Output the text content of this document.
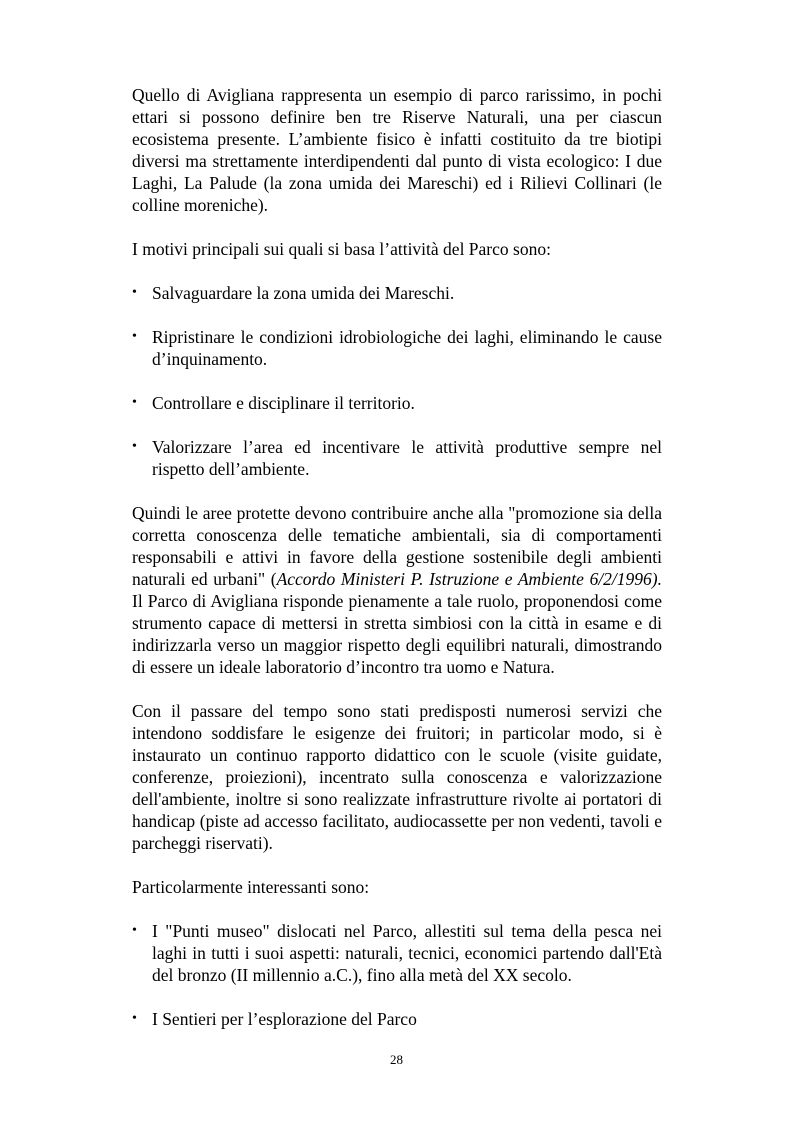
Quello di Avigliana rappresenta un esempio di parco rarissimo, in pochi ettari si possono definire ben tre Riserve Naturali, una per ciascun ecosistema presente. L’ambiente fisico è infatti costituito da tre biotipi diversi ma strettamente interdipendenti dal punto di vista ecologico: I due Laghi, La Palude (la zona umida dei Mareschi) ed i Rilievi Collinari (le colline moreniche).

I motivi principali sui quali si basa l’attività del Parco sono:

• Salvaguardare la zona umida dei Mareschi.
• Ripristinare le condizioni idrobiologiche dei laghi, eliminando le cause d’inquinamento.
• Controllare e disciplinare il territorio.
• Valorizzare l’area ed incentivare le attività produttive sempre nel rispetto dell’ambiente.

Quindi le aree protette devono contribuire anche alla "promozione sia della corretta conoscenza delle tematiche ambientali, sia di comportamenti responsabili e attivi in favore della gestione sostenibile degli ambienti naturali ed urbani" (Accordo Ministeri P. Istruzione e Ambiente 6/2/1996). Il Parco di Avigliana risponde pienamente a tale ruolo, proponendosi come strumento capace di mettersi in stretta simbiosi con la città in esame e di indirizzarla verso un maggior rispetto degli equilibri naturali, dimostrando di essere un ideale laboratorio d’incontro tra uomo e Natura.

Con il passare del tempo sono stati predisposti numerosi servizi che intendono soddisfare le esigenze dei fruitori; in particolar modo, si è instaurato un continuo rapporto didattico con le scuole (visite guidate, conferenze, proiezioni), incentrato sulla conoscenza e valorizzazione dell'ambiente, inoltre si sono realizzate infrastrutture rivolte ai portatori di handicap (piste ad accesso facilitato, audiocassette per non vedenti, tavoli e parcheggi riservati).

Particolarmente interessanti sono:

• I "Punti museo" dislocati nel Parco, allestiti sul tema della pesca nei laghi in tutti i suoi aspetti: naturali, tecnici, economici partendo dall'Età del bronzo (II millennio a.C.), fino alla metà del XX secolo.
• I Sentieri per l’esplorazione del Parco
28
